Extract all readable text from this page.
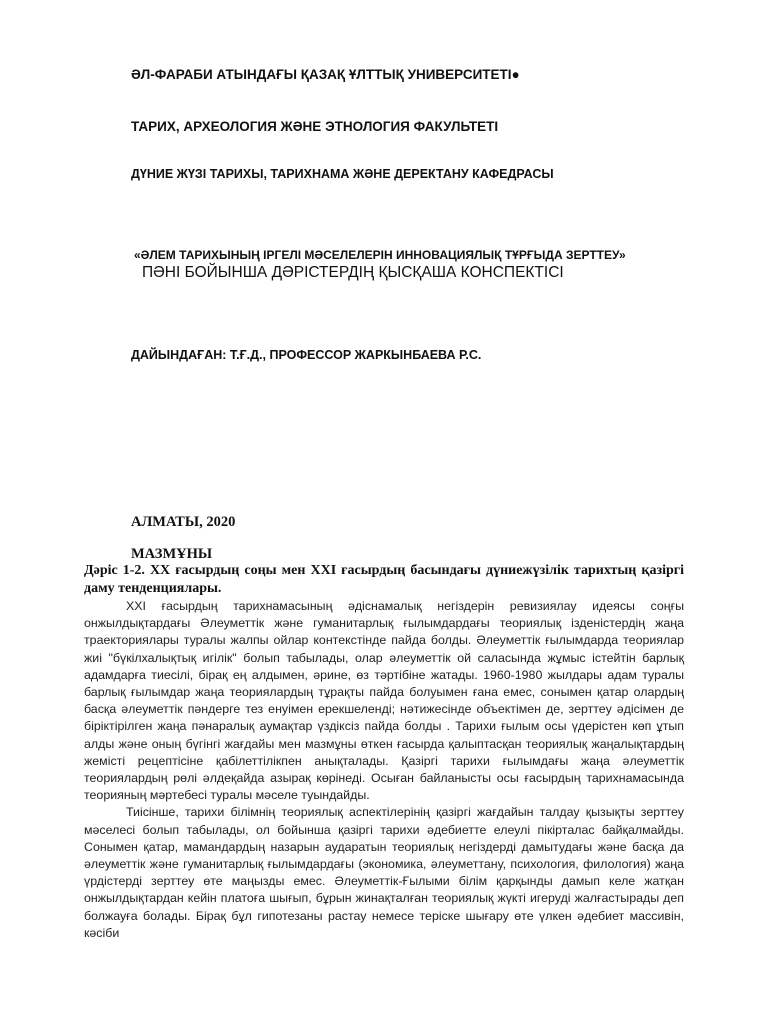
ӘЛ-ФАРАБИ АТЫНДАҒЫ ҚАЗАҚ ҰЛТТЫҚ УНИВЕРСИТЕТІ●

ТАРИХ, АРХЕОЛОГИЯ ЖӘНЕ ЭТНОЛОГИЯ ФАКУЛЬТЕТІ

ДҮНИЕ ЖҮЗІ ТАРИХЫ, ТАРИХНАМА ЖӘНЕ ДЕРЕКТАНУ КАФЕДРАСЫ

«ӘЛЕМ ТАРИХЫНЫҢ ІРГЕЛІ МӘСЕЛЕЛЕРІН ИННОВАЦИЯЛЫҚ ТҰРҒЫДА ЗЕРТТЕУ»

ПӘНІ БОЙЫНША ДӘРІСТЕРДІҢ ҚЫСҚАША КОНСПЕКТІСІ

ДАЙЫНДАҒАН: Т.Ғ.Д., ПРОФЕССОР ЖАРКЫНБАЕВА Р.С.

АЛМАТЫ, 2020

МАЗМҰНЫ

Дәріс 1-2. XX ғасырдың соңы мен XXI ғасырдың басындағы дүниежүзілік тарихтың қазіргі даму тенденциялары.

XXI ғасырдың тарихнамасының әдіснамалық негіздерін ревизиялау идеясы соңғы онжылдықтардағы Әлеуметтік және гуманитарлық ғылымдардағы теориялық ізденістердің жаңа траекториялары туралы жалпы ойлар контекстінде пайда болды. Әлеуметтік ғылымдарда теориялар жиі "бүкілхалықтық игілік" болып табылады, олар әлеуметтік ой саласында жұмыс істейтін барлық адамдарға тиесілі, бірақ ең алдымен, әрине, өз тәртібіне жатады. 1960-1980 жылдары адам туралы барлық ғылымдар жаңа теориялардың тұрақты пайда болуымен ғана емес, сонымен қатар олардың басқа әлеуметтік пәндерге тез енуімен ерекшеленді; нәтижесінде объектімен де, зерттеу әдісімен де біріктірілген жаңа пәнаралық аумақтар үздіксіз пайда болды . Тарихи ғылым осы үдерістен көп ұтып алды және оның бүгінгі жағдайы мен мазмұны өткен ғасырда қалыптасқан теориялық жаңалықтардың жемісті рецептісіне қабілеттілікпен анықталады. Қазіргі тарихи ғылымдағы жаңа әлеуметтік теориялардың рөлі әлдеқайда азырақ көрінеді. Осыған байланысты осы ғасырдың тарихнамасында теорияның мәртебесі туралы мәселе туындайды.

Тиісінше, тарихи білімнің теориялық аспектілерінің қазіргі жағдайын талдау қызықты зерттеу мәселесі болып табылады, ол бойынша қазіргі тарихи әдебиетте елеулі пікірталас байқалмайды. Сонымен қатар, мамандардың назарын аударатын теориялық негіздерді дамытудағы және басқа да әлеуметтік және гуманитарлық ғылымдардағы (экономика, әлеуметтану, психология, филология) жаңа үрдістерді зерттеу өте маңызды емес. Әлеуметтік-Ғылыми білім қарқынды дамып келе жатқан онжылдықтардан кейін платоға шығып, бұрын жинақталған теориялық жүкті игеруді жалғастырады деп болжауға болады. Бірақ бұл гипотезаны растау немесе теріске шығару өте үлкен әдебиет массивін, кәсіби
